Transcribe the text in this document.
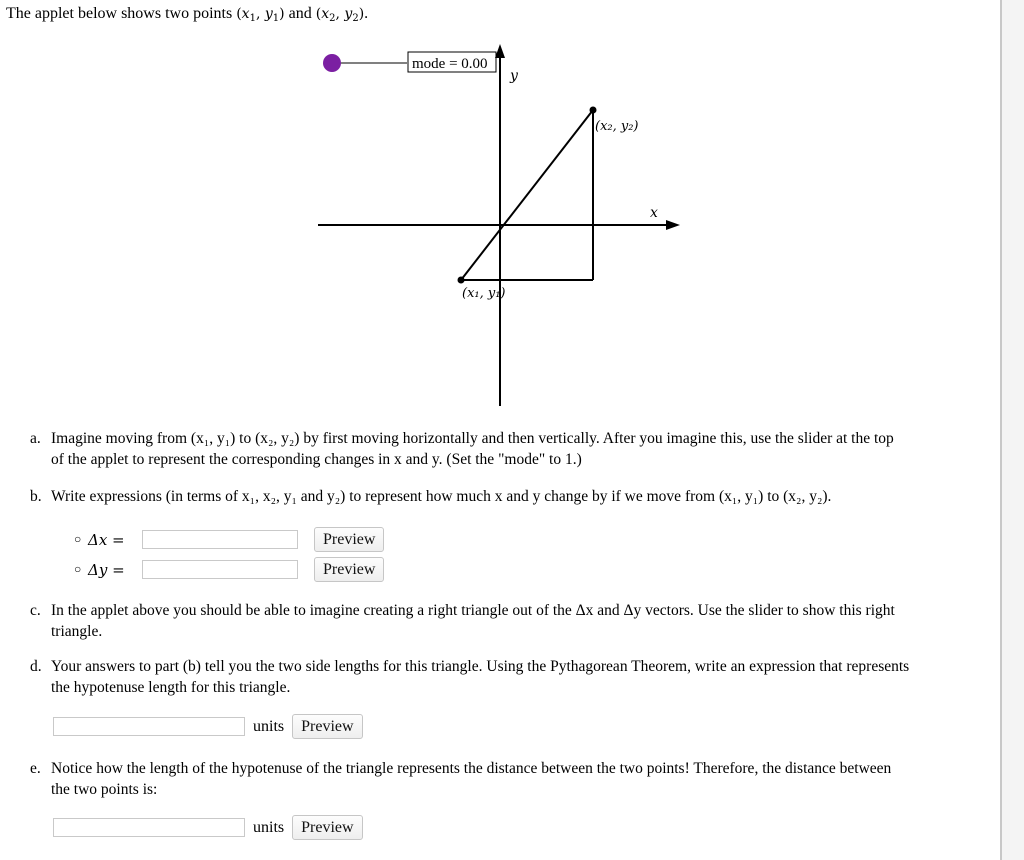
The applet below shows two points ($x_1$, $y_1$) and ($x_2$, $y_2$).
mode = 0.00
y
x
(x₁, y₁)
(x₂, y₂)
a. Imagine moving from (x₁, y₁) to (x₂, y₂) by first moving horizontally and then vertically. After you imagine this, use the slider at the top
of the applet to represent the corresponding changes in x and y. (Set the "mode" to 1.)
b. Write expressions (in terms of x₁, x₂, y₁ and y₂) to represent how much x and y change by if we move from (x₁, y₁) to (x₂, y₂).
○ Δx =	Preview
○ Δy =	Preview
c. In the applet above you should be able to imagine creating a right triangle out of the Δx and Δy vectors. Use the slider to show this right
triangle.
d. Your answers to part (b) tell you the two side lengths for this triangle. Using the Pythagorean Theorem, write an expression that represents
the hypotenuse length for this triangle.
units	Preview
e. Notice how the length of the hypotenuse of the triangle represents the distance between the two points! Therefore, the distance between
the two points is:
units	Preview
